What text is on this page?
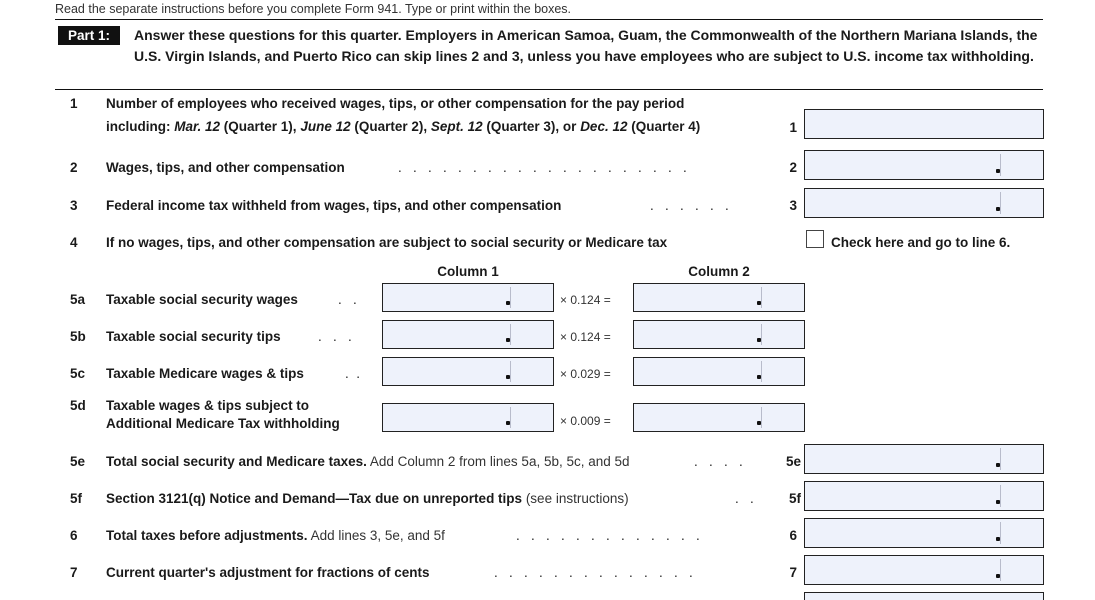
Read the separate instructions before you complete Form 941. Type or print within the boxes.
Part 1:	Answer these questions for this quarter. Employers in American Samoa, Guam, the Commonwealth of the Northern Mariana Islands, the U.S. Virgin Islands, and Puerto Rico can skip lines 2 and 3, unless you have employees who are subject to U.S. income tax withholding.
1 Number of employees who received wages, tips, or other compensation for the pay period
including: Mar. 12 (Quarter 1), June 12 (Quarter 2), Sept. 12 (Quarter 3), or Dec. 12 (Quarter 4)	1
2 Wages, tips, and other compensation	.   .   .   .   .   .   .   .   .   .   .   .   .   .   .   .   .   .   .   .	2
3 Federal income tax withheld from wages, tips, and other compensation	.   .   .   .   .   .	3
4 If no wages, tips, and other compensation are subject to social security or Medicare tax	Check here and go to line 6.
Column 1	Column 2
5a Taxable social security wages	.   .	× 0.124 =
5b Taxable social security tips	.   .   .	× 0.124 =
5c Taxable Medicare wages & tips	.  .	× 0.029 =
5d Taxable wages & tips subject to
Additional Medicare Tax withholding	× 0.009 =
5e Total social security and Medicare taxes. Add Column 2 from lines 5a, 5b, 5c, and 5d	.   .   .   .	5e
5f Section 3121(q) Notice and Demand—Tax due on unreported tips (see instructions)	.   .	5f
6 Total taxes before adjustments. Add lines 3, 5e, and 5f	.   .   .   .   .   .   .   .   .   .   .   .   .	6
7 Current quarter's adjustment for fractions of cents	.   .   .   .   .   .   .   .   .   .   .   .   .   .	7
